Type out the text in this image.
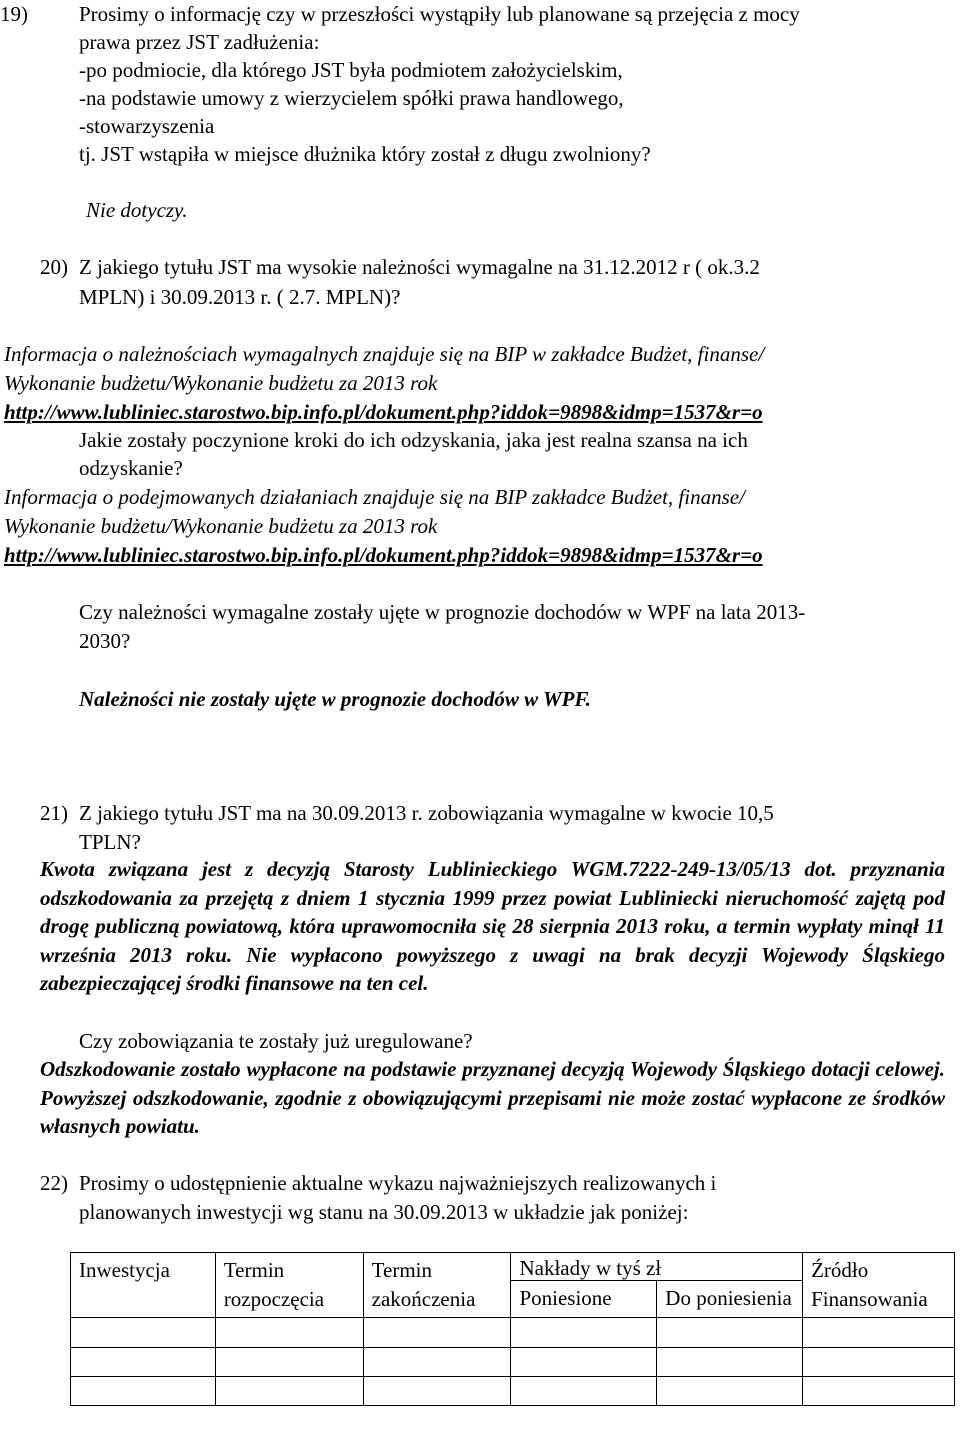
19) Prosimy o informację czy w przeszłości wystąpiły lub planowane są przejęcia z mocy
prawa przez JST zadłużenia:
-po podmiocie, dla którego JST była podmiotem założycielskim,
-na podstawie umowy z wierzycielem spółki prawa handlowego,
-stowarzyszenia
tj. JST wstąpiła w miejsce dłużnika który został z długu zwolniony?
Nie dotyczy.
20) Z jakiego tytułu JST ma wysokie należności wymagalne na 31.12.2012 r ( ok.3.2
MPLN) i 30.09.2013 r. ( 2.7. MPLN)?
Informacja o należnościach wymagalnych znajduje się na BIP w zakładce Budżet, finanse/
Wykonanie budżetu/Wykonanie budżetu za 2013 rok
http://www.lubliniec.starostwo.bip.info.pl/dokument.php?iddok=9898&idmp=1537&r=o
Jakie zostały poczynione kroki do ich odzyskania, jaka jest realna szansa na ich
odzyskanie?
Informacja o podejmowanych działaniach znajduje się na BIP zakładce Budżet, finanse/
Wykonanie budżetu/Wykonanie budżetu za 2013 rok
http://www.lubliniec.starostwo.bip.info.pl/dokument.php?iddok=9898&idmp=1537&r=o
Czy należności wymagalne zostały ujęte w prognozie dochodów w WPF na lata 2013-
2030?
Należności nie zostały ujęte w prognozie dochodów w WPF.
21) Z jakiego tytułu JST ma na 30.09.2013 r. zobowiązania wymagalne w kwocie 10,5
TPLN?
Kwota związana jest z decyzją Starosty Lublinieckiego WGM.7222-249-13/05/13 dot. przyznania odszkodowania za przejętą z dniem 1 stycznia 1999 przez powiat Lubliniecki nieruchomość zajętą pod drogę publiczną powiatową, która uprawomocniła się 28 sierpnia 2013 roku, a termin wypłaty minął 11 września 2013 roku. Nie wypłacono powyższego z uwagi na brak decyzji Wojewody Śląskiego zabezpieczającej środki finansowe na ten cel.
Czy zobowiązania te zostały już uregulowane?
Odszkodowanie zostało wypłacone na podstawie przyznanej decyzją Wojewody Śląskiego dotacji celowej. Powyższej odszkodowanie, zgodnie z obowiązującymi przepisami nie może zostać wypłacone ze środków własnych powiatu.
22) Prosimy o udostępnienie aktualne wykazu najważniejszych realizowanych i
planowanych inwestycji wg stanu na 30.09.2013 w układzie jak poniżej:
Inwestycja	Termin rozpoczęcia	Termin zakończenia	Nakłady w tyś zł		Źródło Finansowania
			Poniesione	Do poniesienia	
